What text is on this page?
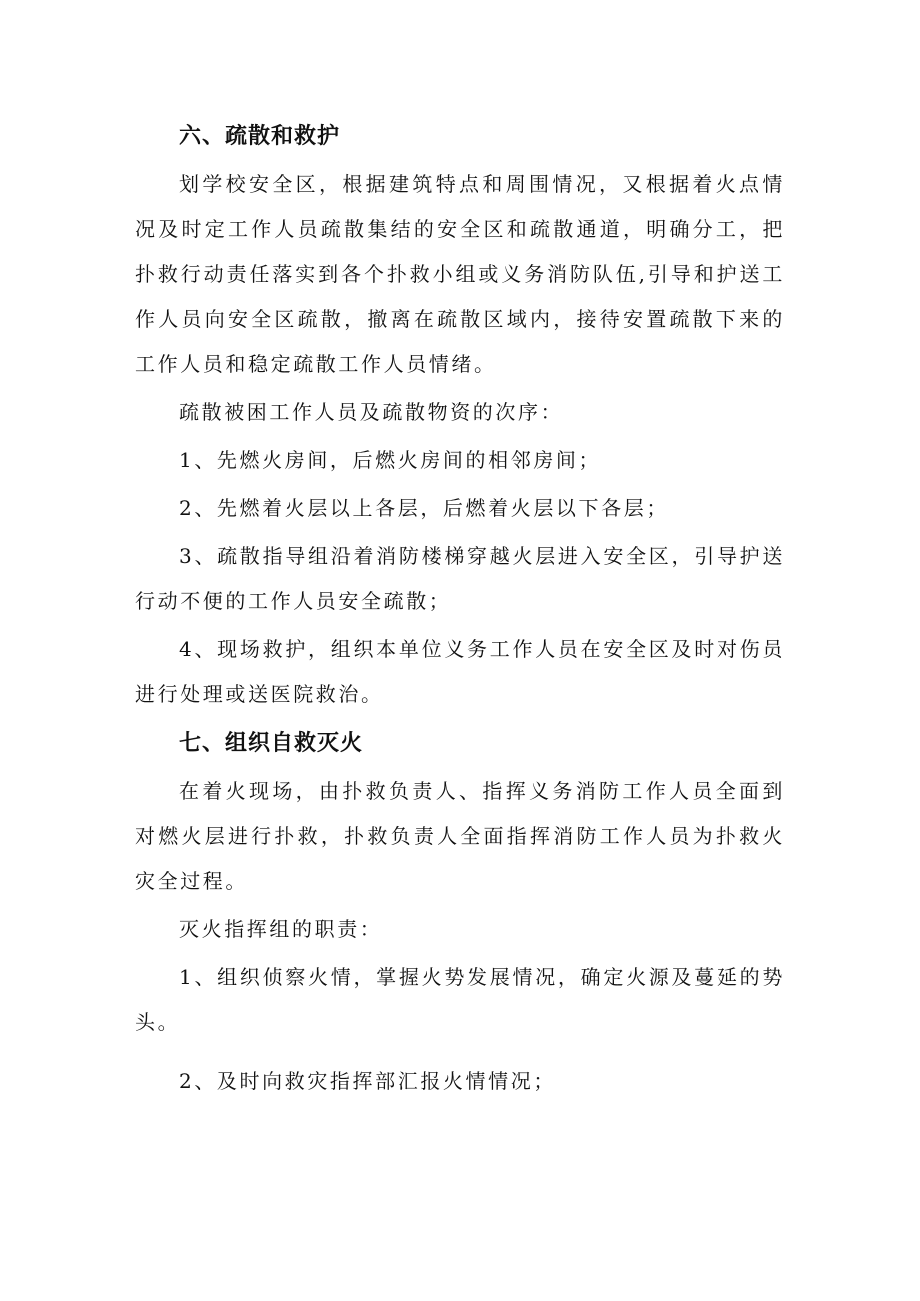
六、疏散和救护

划学校安全区，根据建筑特点和周围情况，又根据着火点情况及时定工作人员疏散集结的安全区和疏散通道，明确分工，把扑救行动责任落实到各个扑救小组或义务消防队伍,引导和护送工作人员向安全区疏散，撤离在疏散区域内，接待安置疏散下来的工作人员和稳定疏散工作人员情绪。

疏散被困工作人员及疏散物资的次序：

1、先燃火房间，后燃火房间的相邻房间；

2、先燃着火层以上各层，后燃着火层以下各层；

3、疏散指导组沿着消防楼梯穿越火层进入安全区，引导护送行动不便的工作人员安全疏散；

4、现场救护，组织本单位义务工作人员在安全区及时对伤员进行处理或送医院救治。

七、组织自救灭火

在着火现场，由扑救负责人、指挥义务消防工作人员全面到对燃火层进行扑救，扑救负责人全面指挥消防工作人员为扑救火灾全过程。

灭火指挥组的职责：

1、组织侦察火情，掌握火势发展情况，确定火源及蔓延的势头。

2、及时向救灾指挥部汇报火情情况；
